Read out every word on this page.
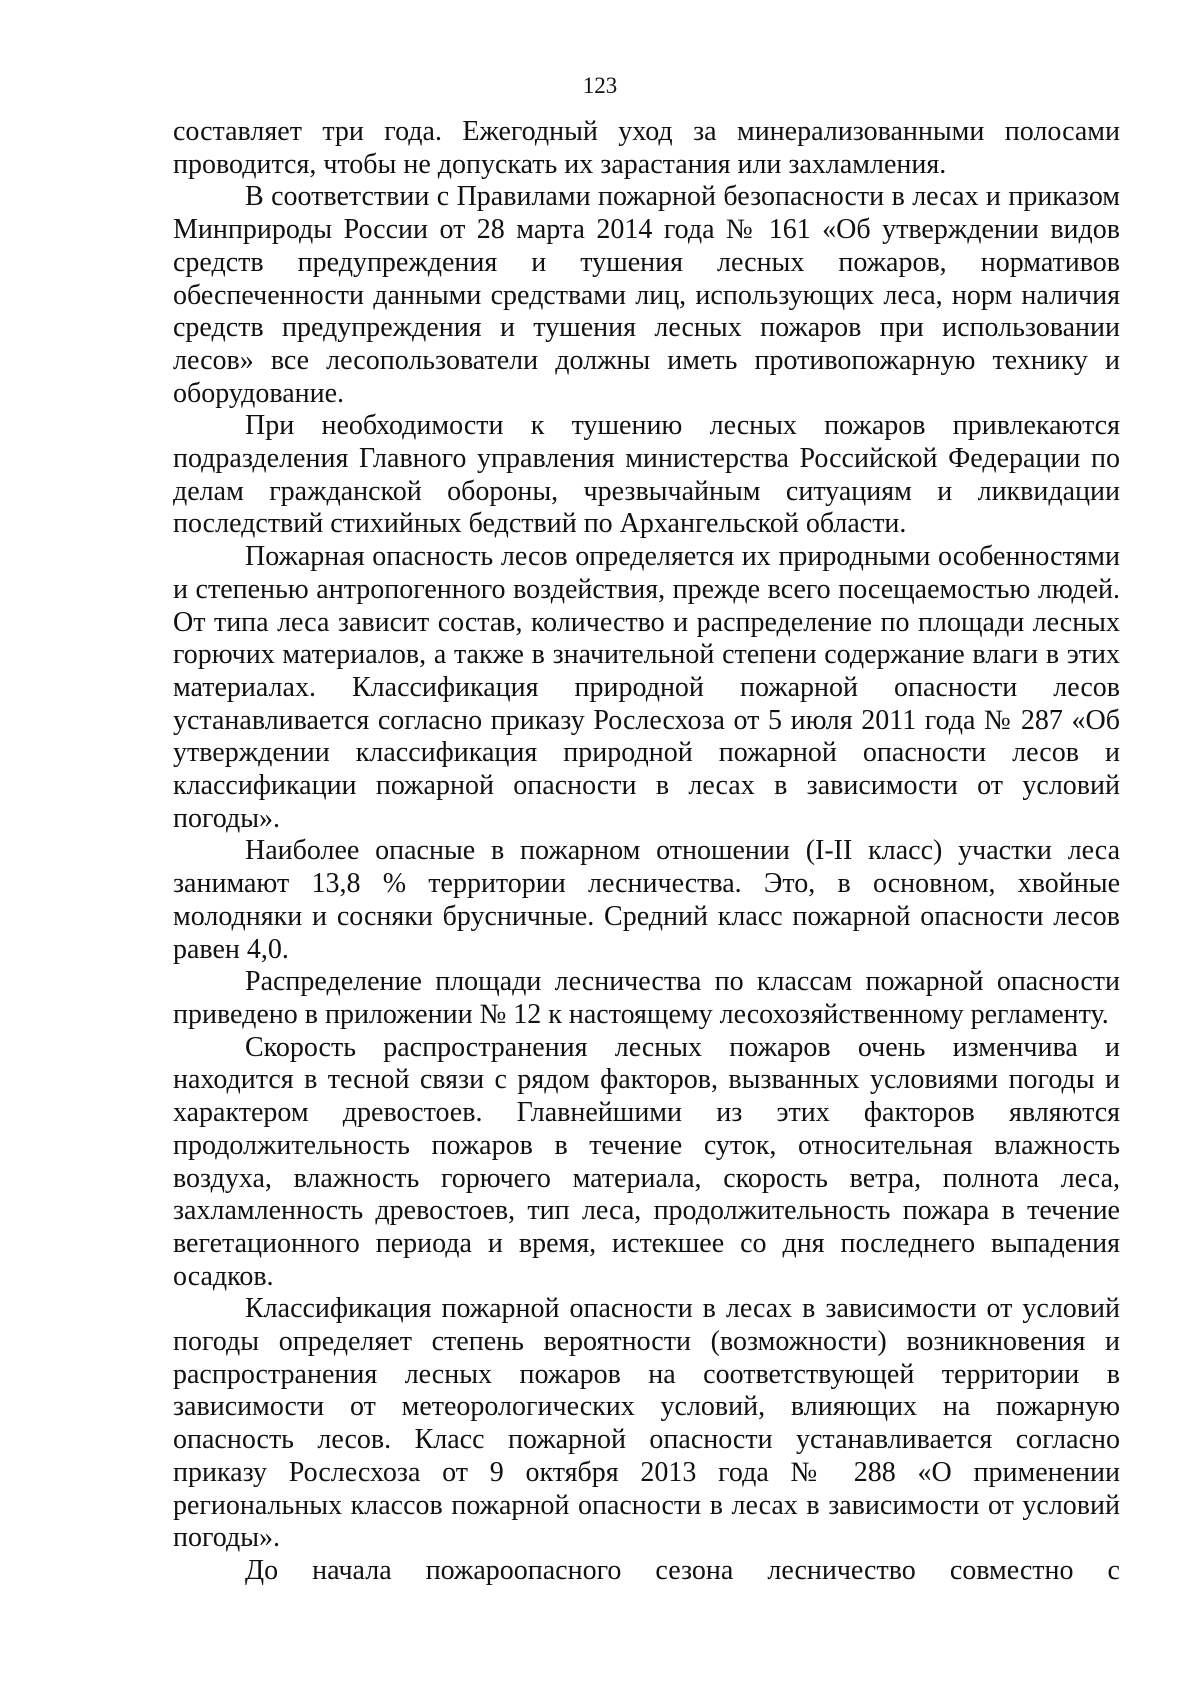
123

составляет три года. Ежегодный уход за минерализованными полосами проводится, чтобы не допускать их зарастания или захламления.

В соответствии с Правилами пожарной безопасности в лесах и приказом Минприроды России от 28 марта 2014 года № 161 «Об утверждении видов средств предупреждения и тушения лесных пожаров, нормативов обеспеченности данными средствами лиц, использующих леса, норм наличия средств предупреждения и тушения лесных пожаров при использовании лесов» все лесопользователи должны иметь противопожарную технику и оборудование.

При необходимости к тушению лесных пожаров привлекаются подразделения Главного управления министерства Российской Федерации по делам гражданской обороны, чрезвычайным ситуациям и ликвидации последствий стихийных бедствий по Архангельской области.

Пожарная опасность лесов определяется их природными особенностями и степенью антропогенного воздействия, прежде всего посещаемостью людей. От типа леса зависит состав, количество и распределение по площади лесных горючих материалов, а также в значительной степени содержание влаги в этих материалах. Классификация природной пожарной опасности лесов устанавливается согласно приказу Рослесхоза от 5 июля 2011 года № 287 «Об утверждении классификация природной пожарной опасности лесов и классификации пожарной опасности в лесах в зависимости от условий погоды».

Наиболее опасные в пожарном отношении (I-II класс) участки леса занимают 13,8 % территории лесничества. Это, в основном, хвойные молодняки и сосняки брусничные. Средний класс пожарной опасности лесов равен 4,0.

Распределение площади лесничества по классам пожарной опасности приведено в приложении № 12 к настоящему лесохозяйственному регламенту.

Скорость распространения лесных пожаров очень изменчива и находится в тесной связи с рядом факторов, вызванных условиями погоды и характером древостоев. Главнейшими из этих факторов являются продолжительность пожаров в течение суток, относительная влажность воздуха, влажность горючего материала, скорость ветра, полнота леса, захламленность древостоев, тип леса, продолжительность пожара в течение вегетационного периода и время, истекшее со дня последнего выпадения осадков.

Классификация пожарной опасности в лесах в зависимости от условий погоды определяет степень вероятности (возможности) возникновения и распространения лесных пожаров на соответствующей территории в зависимости от метеорологических условий, влияющих на пожарную опасность лесов. Класс пожарной опасности устанавливается согласно приказу Рослесхоза от 9 октября 2013 года № 288 «О применении региональных классов пожарной опасности в лесах в зависимости от условий погоды».

До начала пожароопасного сезона лесничество совместно с
